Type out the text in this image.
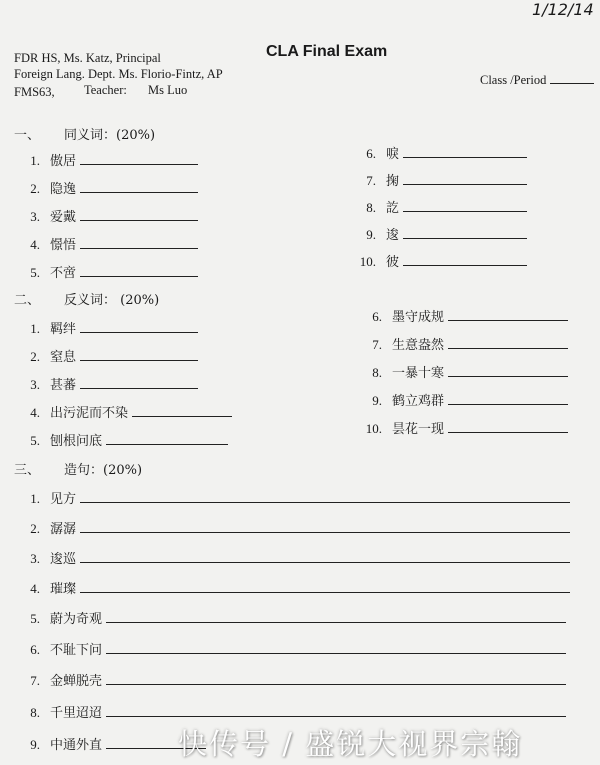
1/12/14
FDR HS, Ms. Katz, Principal
Foreign Lang. Dept. Ms. Florio-Fintz, AP
FMS63, Teacher: Ms Luo
CLA Final Exam
Class /Period
一、 同义词：(20%)
1. 傲居
2. 隐逸
3. 爱戴
4. 憬悟
5. 不啻
6. 唳
7. 掬
8. 訖
9. 逡
10. 彼
二、 反义词： (20%)
1. 羁绊
2. 窒息
3. 甚蕃
4. 出污泥而不染
5. 刨根问底
6. 墨守成规
7. 生意盎然
8. 一暴十寒
9. 鹤立鸡群
10. 昙花一现
三、 造句：(20%)
1. 见方
2. 潺潺
3. 逡巡
4. 璀璨
5. 蔚为奇观
6. 不耻下问
7. 金蝉脱壳
8. 千里迢迢
9. 中通外直	快传号 / 盛锐大视界宗翰
